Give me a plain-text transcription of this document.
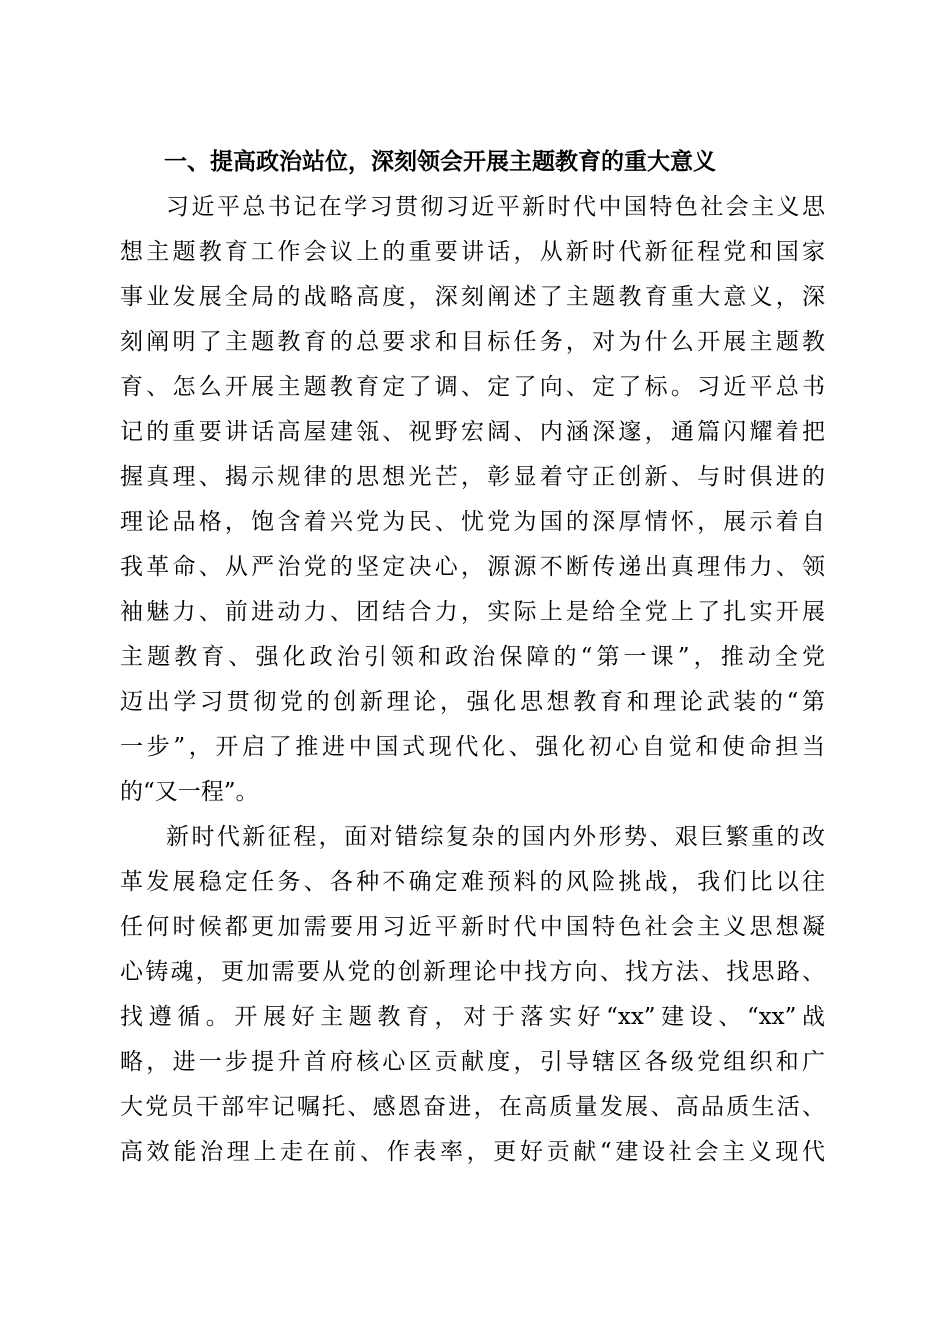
一、提高政治站位，深刻领会开展主题教育的重大意义
习近平总书记在学习贯彻习近平新时代中国特色社会主义思
想主题教育工作会议上的重要讲话，从新时代新征程党和国家
事业发展全局的战略高度，深刻阐述了主题教育重大意义，深
刻阐明了主题教育的总要求和目标任务，对为什么开展主题教
育、怎么开展主题教育定了调、定了向、定了标。习近平总书
记的重要讲话高屋建瓴、视野宏阔、内涵深邃，通篇闪耀着把
握真理、揭示规律的思想光芒，彰显着守正创新、与时俱进的
理论品格，饱含着兴党为民、忧党为国的深厚情怀，展示着自
我革命、从严治党的坚定决心，源源不断传递出真理伟力、领
袖魅力、前进动力、团结合力，实际上是给全党上了扎实开展
主题教育、强化政治引领和政治保障的“第一课”，推动全党
迈出学习贯彻党的创新理论，强化思想教育和理论武装的“第
一步”，开启了推进中国式现代化、强化初心自觉和使命担当
的“又一程”。
新时代新征程，面对错综复杂的国内外形势、艰巨繁重的改
革发展稳定任务、各种不确定难预料的风险挑战，我们比以往
任何时候都更加需要用习近平新时代中国特色社会主义思想凝
心铸魂，更加需要从党的创新理论中找方向、找方法、找思路、
找遵循。开展好主题教育，对于落实好“xx”建设、“xx”战
略，进一步提升首府核心区贡献度，引导辖区各级党组织和广
大党员干部牢记嘱托、感恩奋进，在高质量发展、高品质生活、
高效能治理上走在前、作表率，更好贡献“建设社会主义现代
